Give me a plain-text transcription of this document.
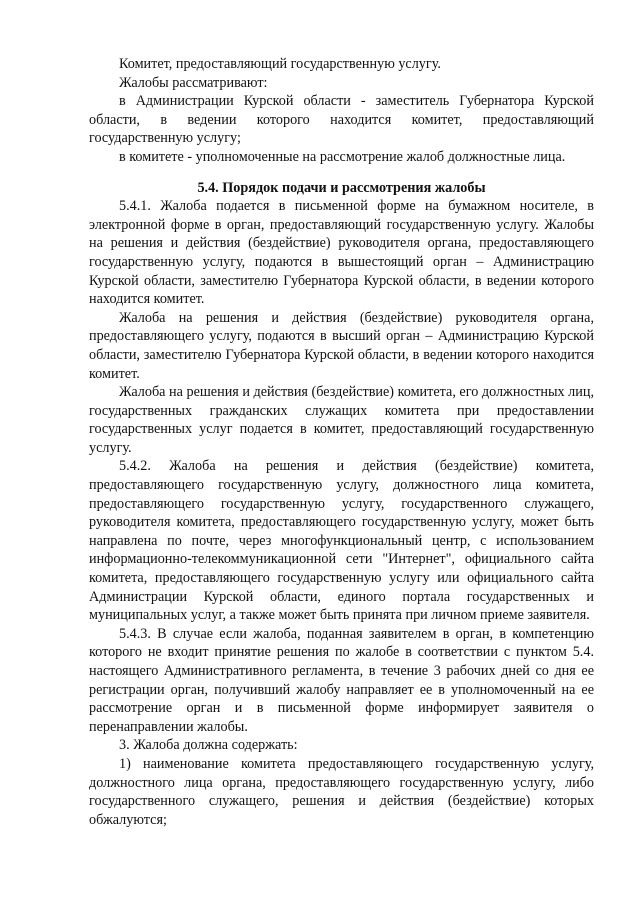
Комитет, предоставляющий государственную услугу.

Жалобы рассматривают:

в Администрации Курской области - заместитель Губернатора Курской области, в ведении которого находится комитет, предоставляющий государственную услугу;

в комитете - уполномоченные на рассмотрение жалоб должностные лица.

5.4. Порядок подачи и рассмотрения жалобы

5.4.1. Жалоба подается в письменной форме на бумажном носителе, в электронной форме в орган, предоставляющий государственную услугу. Жалобы на решения и действия (бездействие) руководителя органа, предоставляющего государственную услугу, подаются в вышестоящий орган – Администрацию Курской области, заместителю Губернатора Курской области, в ведении которого находится комитет.

Жалоба на решения и действия (бездействие) руководителя органа, предоставляющего услугу, подаются в высший орган – Администрацию Курской области, заместителю Губернатора Курской области, в ведении которого находится комитет.

Жалоба на решения и действия (бездействие) комитета, его должностных лиц, государственных гражданских служащих комитета при предоставлении государственных услуг подается в комитет, предоставляющий государственную услугу.

5.4.2. Жалоба на решения и действия (бездействие) комитета, предоставляющего государственную услугу, должностного лица комитета, предоставляющего государственную услугу, государственного служащего, руководителя комитета, предоставляющего государственную услугу, может быть направлена по почте, через многофункциональный центр, с использованием информационно-телекоммуникационной сети "Интернет", официального сайта комитета, предоставляющего государственную услугу или официального сайта Администрации Курской области, единого портала государственных и муниципальных услуг, а также может быть принята при личном приеме заявителя.

5.4.3. В случае если жалоба, поданная заявителем в орган, в компетенцию которого не входит принятие решения по жалобе в соответствии с пунктом 5.4. настоящего Административного регламента, в течение 3 рабочих дней со дня ее регистрации орган, получивший жалобу направляет ее в уполномоченный на ее рассмотрение орган и в письменной форме информирует заявителя о перенаправлении жалобы.

3. Жалоба должна содержать:

1) наименование комитета предоставляющего государственную услугу, должностного лица органа, предоставляющего государственную услугу, либо государственного служащего, решения и действия (бездействие) которых обжалуются;
